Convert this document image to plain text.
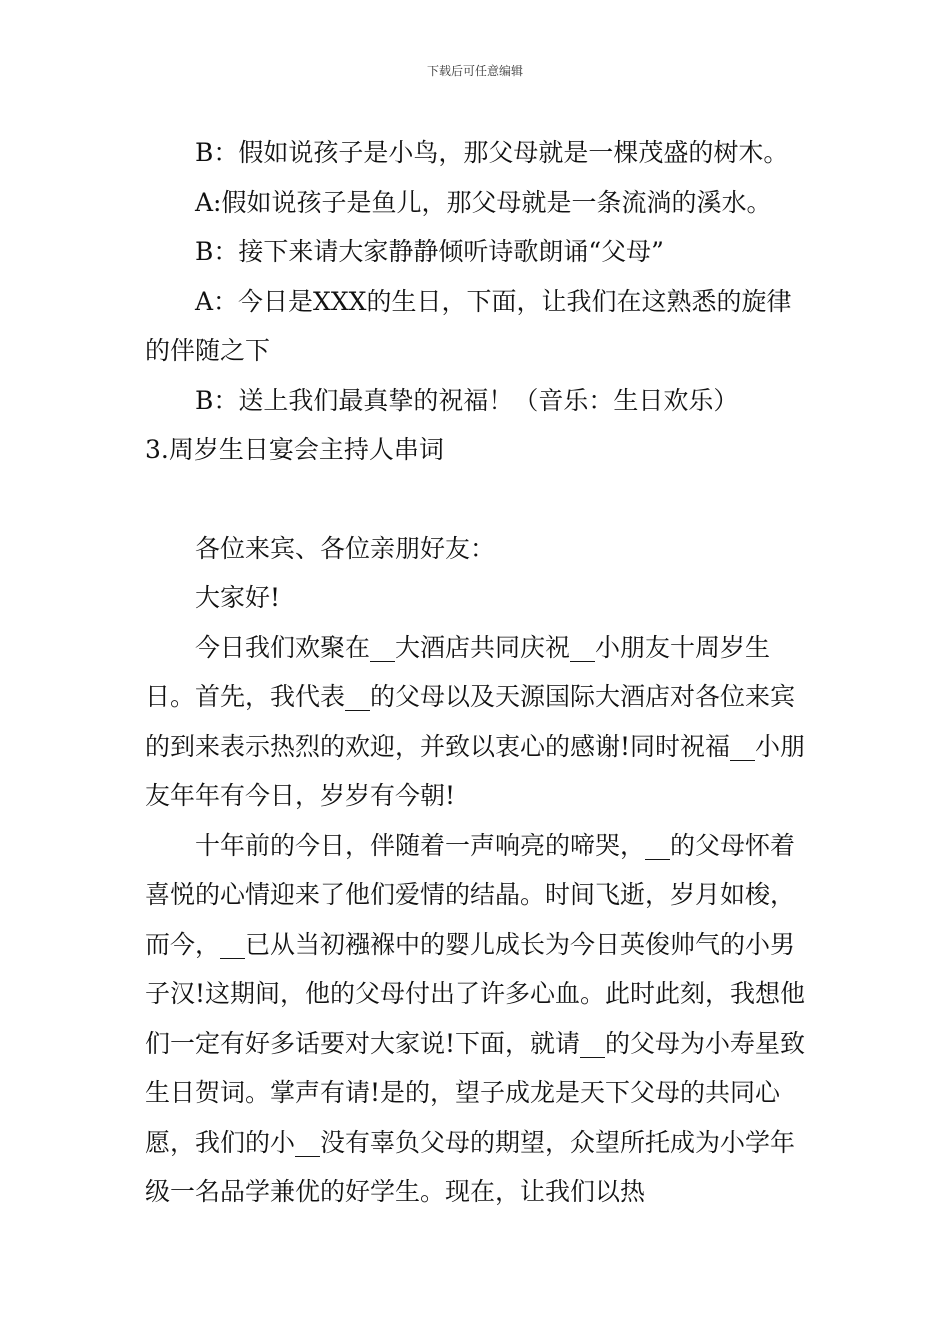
下载后可任意编辑

B：假如说孩子是小鸟，那父母就是一棵茂盛的树木。

A:假如说孩子是鱼儿，那父母就是一条流淌的溪水。

B：接下来请大家静静倾听诗歌朗诵“父母”

A：今日是XXX的生日，下面，让我们在这熟悉的旋律的伴随之下

B：送上我们最真挚的祝福！（音乐：生日欢乐）

3.周岁生日宴会主持人串词

各位来宾、各位亲朋好友：

大家好!

今日我们欢聚在__大酒店共同庆祝__小朋友十周岁生日。首先，我代表__的父母以及天源国际大酒店对各位来宾的到来表示热烈的欢迎，并致以衷心的感谢!同时祝福__小朋友年年有今日，岁岁有今朝!

十年前的今日，伴随着一声响亮的啼哭，__的父母怀着喜悦的心情迎来了他们爱情的结晶。时间飞逝，岁月如梭，而今，__已从当初襁褓中的婴儿成长为今日英俊帅气的小男子汉!这期间，他的父母付出了许多心血。此时此刻，我想他们一定有好多话要对大家说!下面，就请__的父母为小寿星致生日贺词。掌声有请!是的，望子成龙是天下父母的共同心愿，我们的小__没有辜负父母的期望，众望所托成为小学年级一名品学兼优的好学生。现在，让我们以热
